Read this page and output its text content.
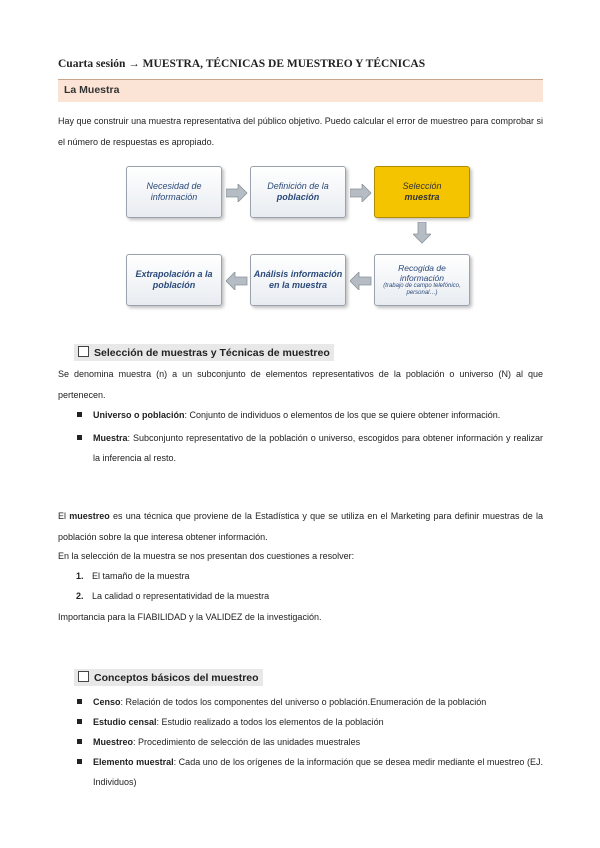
Cuarta sesión → MUESTRA, TÉCNICAS DE MUESTREO Y TÉCNICAS
La Muestra
Hay que construir una muestra representativa del público objetivo. Puedo calcular el error de muestreo para comprobar si el número de respuestas es apropiado.
Necesidad de información
Definición de la
población
Selección
muestra
Recogida de información
(trabajo de campo telefónico, personal…)
Análisis información en la muestra
Extrapolación a la población
Selección de muestras y Técnicas de muestreo
Se denomina muestra (n) a un subconjunto de elementos representativos de la población o universo (N) al que pertenecen.
Universo o población: Conjunto de individuos o elementos de los que se quiere obtener información.
Muestra: Subconjunto representativo de la población o universo, escogidos para obtener información y realizar la inferencia al resto.
El muestreo es una técnica que proviene de la Estadística y que se utiliza en el Marketing para definir muestras de la población sobre la que interesa obtener información.
En la selección de la muestra se nos presentan dos cuestiones a resolver:
1. El tamaño de la muestra
2. La calidad o representatividad de la muestra
Importancia para la FIABILIDAD y la VALIDEZ de la investigación.
Conceptos básicos del muestreo
Censo: Relación de todos los componentes del universo o población.Enumeración de la población
Estudio censal: Estudio realizado a todos los elementos de la población
Muestreo: Procedimiento de selección de las unidades muestrales
Elemento muestral: Cada uno de los orígenes de la información que se desea medir mediante el muestreo (EJ. Individuos)
